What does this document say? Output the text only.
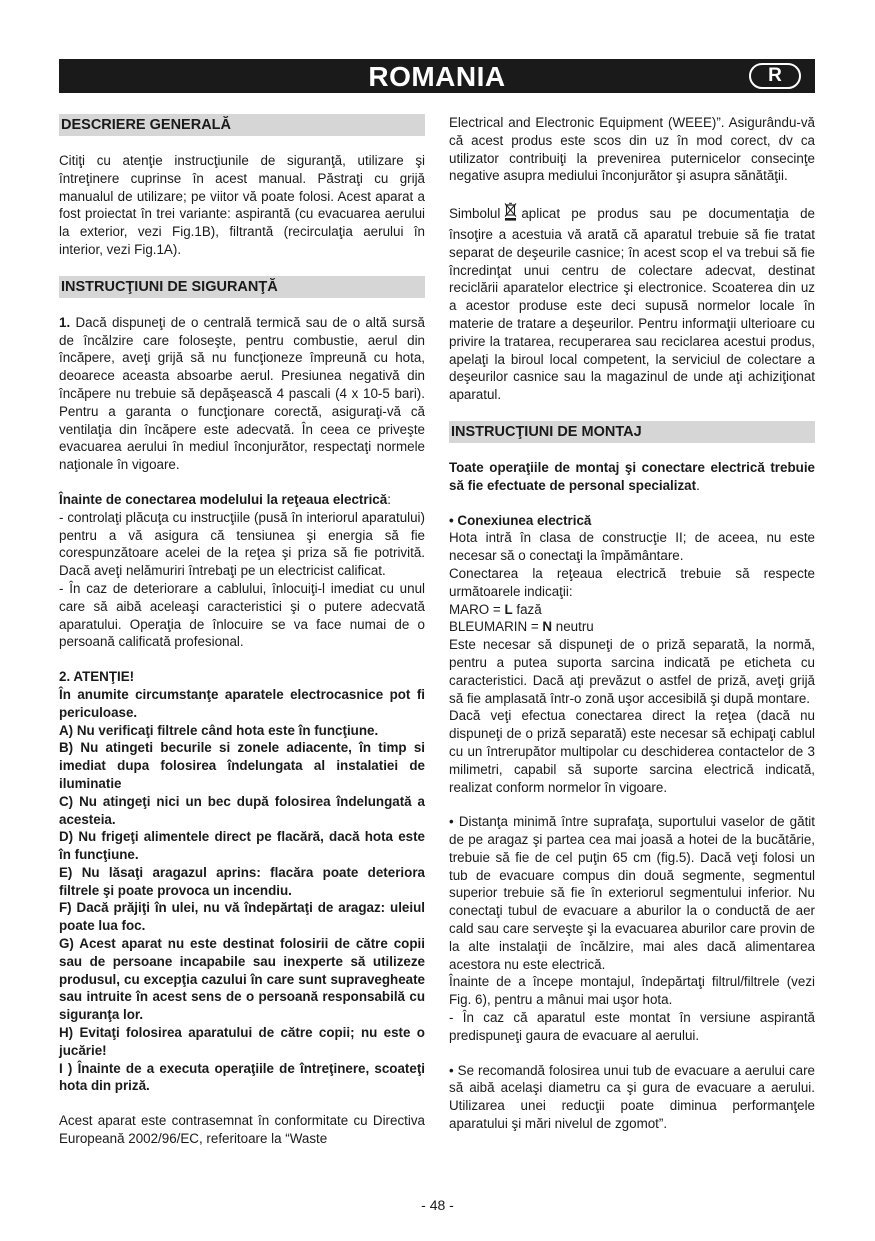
ROMANIA	R
DESCRIERE GENERALĂ

Citiţi cu atenţie instrucţiunile de siguranţă, utilizare şi întreţinere cuprinse în acest manual. Păstraţi cu grijă manualul de utilizare; pe viitor vă poate folosi. Acest aparat a fost proiectat în trei variante: aspirantă (cu evacuarea aerului la exterior, vezi Fig.1B), filtrantă (recirculaţia aerului în interior, vezi Fig.1A).

INSTRUCŢIUNI DE SIGURANŢĂ

1. Dacă dispuneţi de o centrală termică sau de o altă sursă de încălzire care foloseşte, pentru combustie, aerul din încăpere, aveţi grijă să nu funcţioneze împreună cu hota, deoarece aceasta absoarbe aerul. Presiunea negativă din încăpere nu trebuie să depăşească 4 pascali (4 x 10-5 bari). Pentru a garanta o funcţionare corectă, asiguraţi-vă că ventilaţia din încăpere este adecvată. În ceea ce priveşte evacuarea aerului în mediul înconjurător, respectaţi normele naţionale în vigoare.

Înainte de conectarea modelului la reţeaua electrică:

- controlaţi plăcuţa cu instrucţiile (pusă în interiorul aparatului) pentru a vă asigura că tensiunea şi energia să fie corespunzătoare acelei de la reţea şi priza să fie potrivită. Dacă aveţi nelămuriri întrebaţi pe un electricist calificat.

- În caz de deteriorare a cablului, înlocuiţi-l imediat cu unul care să aibă aceleaşi caracteristici şi o putere adecvată aparatului. Operaţia de înlocuire se va face numai de o persoană calificată profesional.

2. ATENŢIE!

În anumite circumstanţe aparatele electrocasnice pot fi periculoase.

A) Nu verificaţi filtrele când hota este în funcţiune.

B) Nu atingeti becurile si zonele adiacente, în timp si imediat dupa folosirea îndelungata al instalatiei de iluminatie

C) Nu atingeţi nici un bec după folosirea îndelungată a acesteia.

D) Nu frigeţi alimentele direct pe flacără, dacă hota este în funcţiune.

E) Nu lăsaţi aragazul aprins: flacăra poate deteriora filtrele şi poate provoca un incendiu.

F) Dacă prăjiţi în ulei, nu vă îndepărtaţi de aragaz: uleiul poate lua foc.

G) Acest aparat nu este destinat folosirii de către copii sau de persoane incapabile sau inexperte să utilizeze produsul, cu excepţia cazului în care sunt supravegheate sau intruite în acest sens de o persoană responsabilă cu siguranţa lor.

H) Evitaţi folosirea aparatului de către copii; nu este o jucărie!

I ) Înainte de a executa operaţiile de întreţinere, scoateţi hota din priză.

Acest aparat este contrasemnat în conformitate cu Directiva Europeană 2002/96/EC, referitoare la “Waste

Electrical and Electronic Equipment (WEEE)”. Asigurându-vă că acest produs este scos din uz în mod corect, dv ca utilizator contribuiţi la prevenirea puternicelor consecinţe negative asupra mediului înconjurător şi asupra sănătăţii.

Simbolul aplicat pe produs sau pe documentaţia de însoţire a acestuia vă arată că aparatul trebuie să fie tratat separat de deşeurile casnice; în acest scop el va trebui să fie încredinţat unui centru de colectare adecvat, destinat reciclării aparatelor electrice şi electronice. Scoaterea din uz a acestor produse este deci supusă normelor locale în materie de tratare a deşeurilor. Pentru informaţii ulterioare cu privire la tratarea, recuperarea sau reciclarea acestui produs, apelaţi la biroul local competent, la serviciul de colectare a deşeurilor casnice sau la magazinul de unde aţi achiziţionat aparatul.

INSTRUCŢIUNI DE MONTAJ

Toate operaţiile de montaj şi conectare electrică trebuie să fie efectuate de personal specializat.

• Conexiunea electrică

Hota intră în clasa de construcţie II; de aceea, nu este necesar să o conectaţi la împământare.

Conectarea la reţeaua electrică trebuie să respecte următoarele indicaţii:

MARO = L fază

BLEUMARIN = N neutru

Este necesar să dispuneţi de o priză separată, la normă, pentru a putea suporta sarcina indicată pe eticheta cu caracteristici. Dacă aţi prevăzut o astfel de priză, aveţi grijă să fie amplasată într-o zonă uşor accesibilă şi după montare.

Dacă veţi efectua conectarea direct la reţea (dacă nu dispuneţi de o priză separată) este necesar să echipaţi cablul cu un întrerupător multipolar cu deschiderea contactelor de 3 milimetri, capabil să suporte sarcina electrică indicată, realizat conform normelor în vigoare.

• Distanţa minimă între suprafaţa, suportului vaselor de gătit de pe aragaz şi partea cea mai joasă a hotei de la bucătărie, trebuie să fie de cel puţin 65 cm (fig.5). Dacă veţi folosi un tub de evacuare compus din două segmente, segmentul superior trebuie să fie în exteriorul segmentului inferior. Nu conectaţi tubul de evacuare a aburilor la o conductă de aer cald sau care serveşte şi la evacuarea aburilor care provin de la alte instalaţii de încălzire, mai ales dacă alimentarea acestora nu este electrică.

Înainte de a începe montajul, îndepărtaţi filtrul/filtrele (vezi Fig. 6), pentru a mânui mai uşor hota.

- În caz că aparatul este montat în versiune aspirantă predispuneţi gaura de evacuare al aerului.

• Se recomandă folosirea unui tub de evacuare a aerului care să aibă acelaşi diametru ca şi gura de evacuare a aerului. Utilizarea unei reducţii poate diminua performanţele aparatului şi mări nivelul de zgomot”.

- 48 -
